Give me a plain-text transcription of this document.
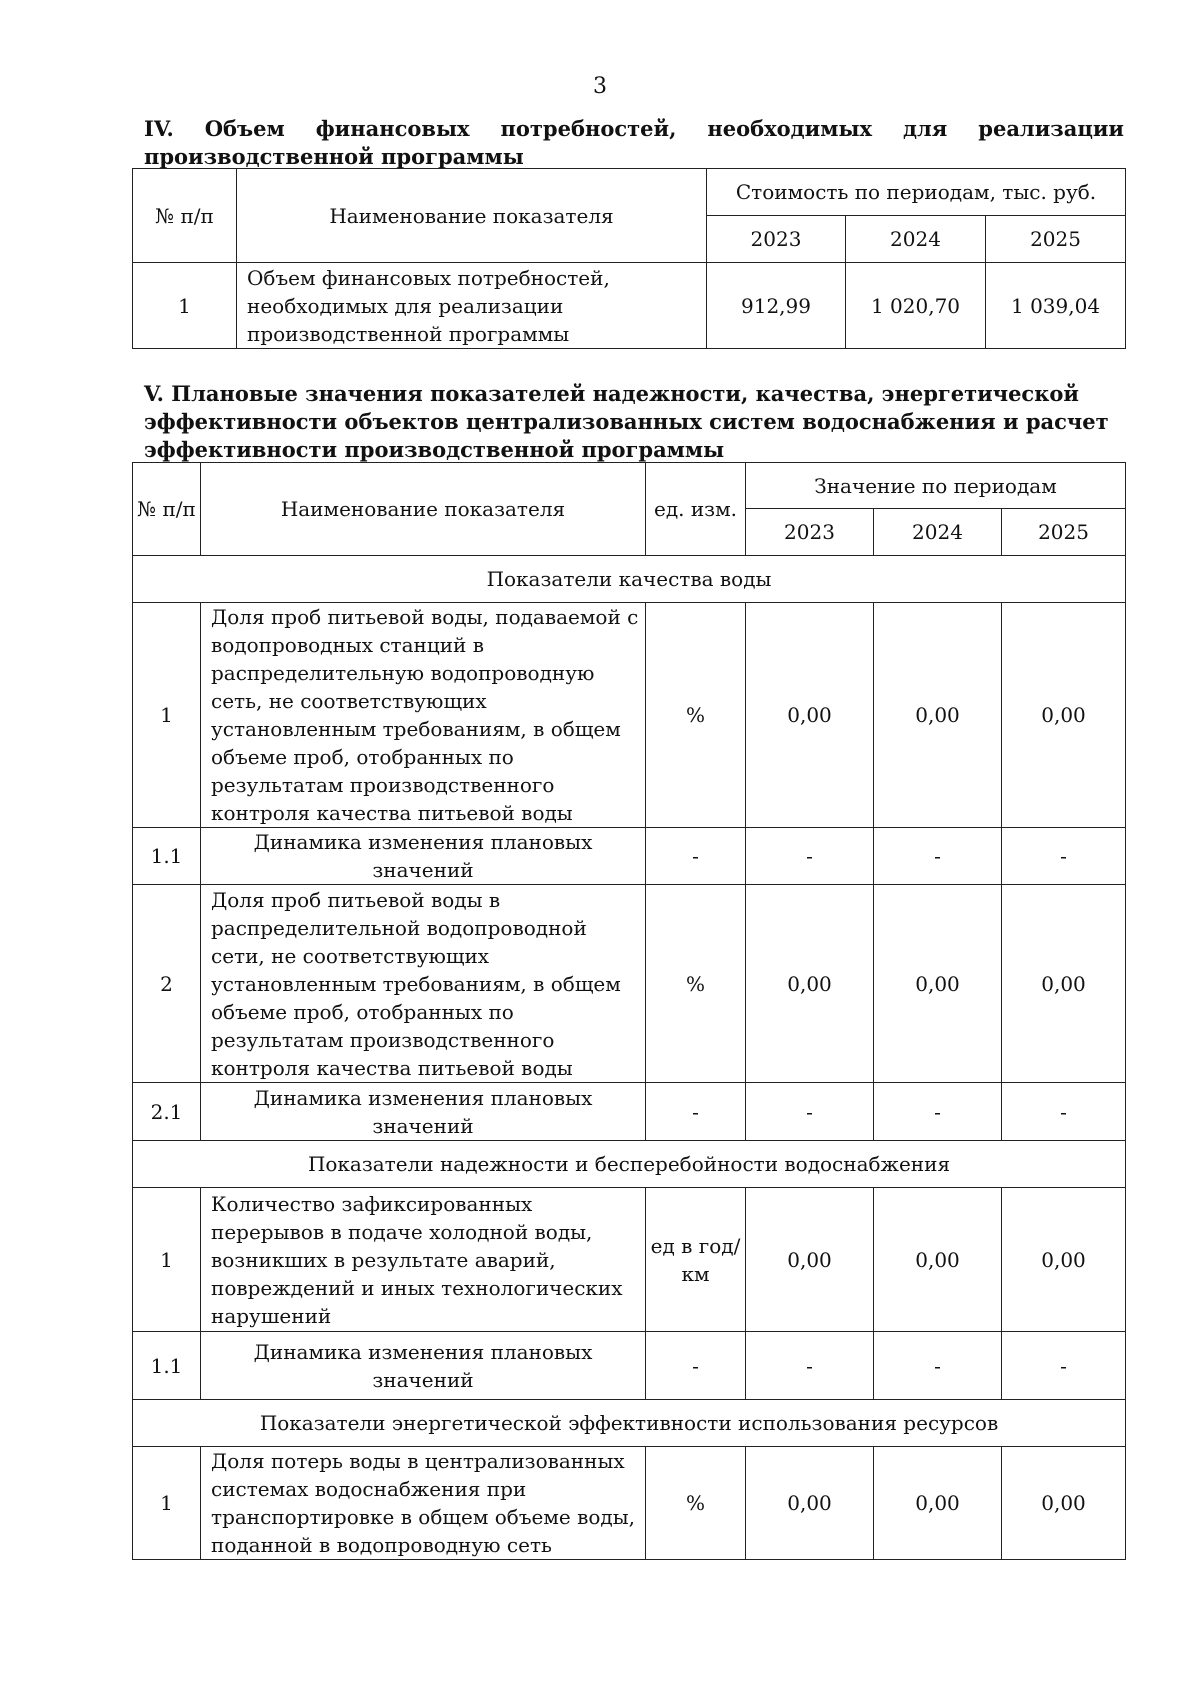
3
IV. Объем финансовых потребностей, необходимых для реализации производственной программы
№ п/п	Наименование показателя	Стоимость по периодам, тыс. руб.		
		2023	2024	2025
1	Объем финансовых потребностей, необходимых для реализации производственной программы	912,99	1 020,70	1 039,04
V. Плановые значения показателей надежности, качества, энергетической эффективности объектов централизованных систем водоснабжения и расчет эффективности производственной программы
№ п/п	Наименование показателя	ед. изм.	Значение по периодам		
			2023	2024	2025
Показатели качества воды					
1	Доля проб питьевой воды, подаваемой с водопроводных станций в распределительную водопроводную сеть, не соответствующих установленным требованиям, в общем объеме проб, отобранных по результатам производственного контроля качества питьевой воды	%	0,00	0,00	0,00
1.1	Динамика изменения плановых значений	-	-	-	-
2	Доля проб питьевой воды в распределительной водопроводной сети, не соответствующих установленным требованиям, в общем объеме проб, отобранных по результатам производственного контроля качества питьевой воды	%	0,00	0,00	0,00
2.1	Динамика изменения плановых значений	-	-	-	-
Показатели надежности и бесперебойности водоснабжения					
1	Количество зафиксированных перерывов в подаче холодной воды, возникших в результате аварий, повреждений и иных технологических нарушений	ед в год/ км	0,00	0,00	0,00
1.1	Динамика изменения плановых значений	-	-	-	-
Показатели энергетической эффективности использования ресурсов					
1	Доля потерь воды в централизованных системах водоснабжения при транспортировке в общем объеме воды, поданной в водопроводную сеть	%	0,00	0,00	0,00
